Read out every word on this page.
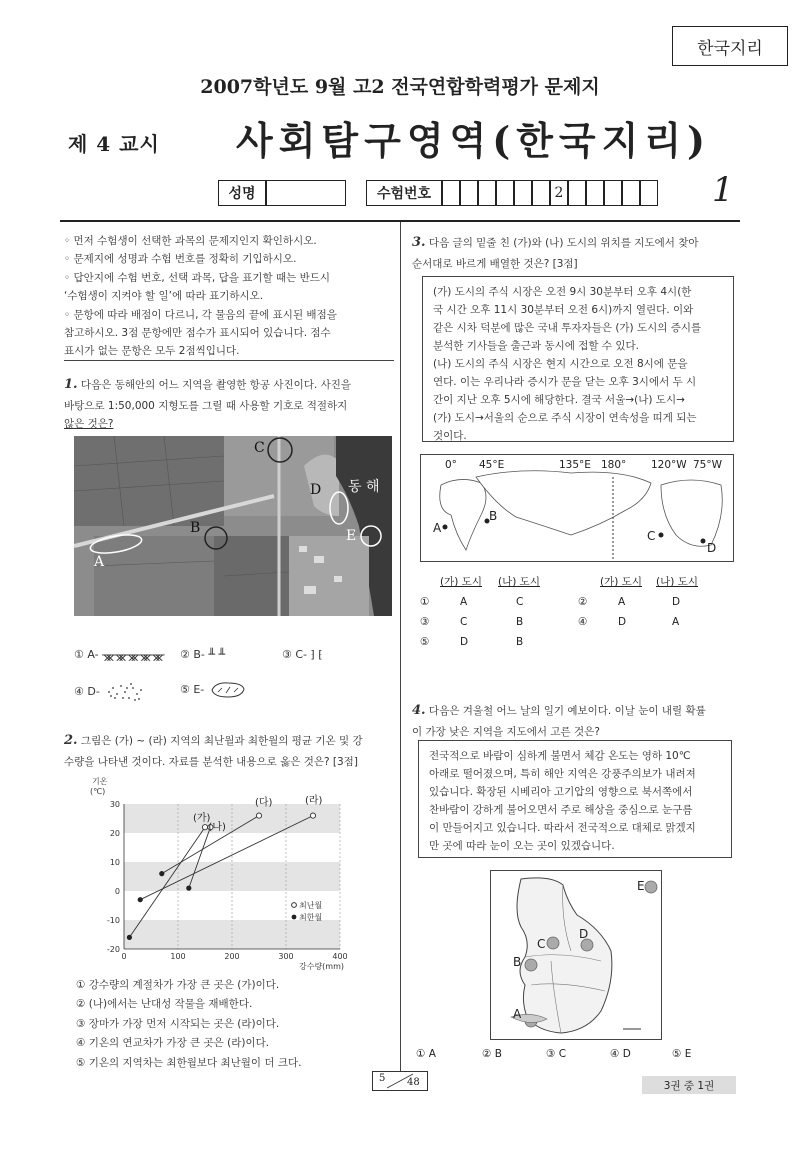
한국지리
2007학년도 9월 고2 전국연합학력평가 문제지
제 4 교시 사회탐구영역(한국지리)
성명	수험번호	2	1

◦ 먼저 수험생이 선택한 과목의 문제지인지 확인하시오.

◦ 문제지에 성명과 수험 번호를 정확히 기입하시오.

◦ 답안지에 수험 번호, 선택 과목, 답을 표기할 때는 반드시

‘수험생이 지켜야 할 일’에 따라 표기하시오.

◦ 문항에 따라 배점이 다르니, 각 물음의 끝에 표시된 배점을

참고하시오. 3점 문항에만 점수가 표시되어 있습니다. 점수

표시가 없는 문항은 모두 2점씩입니다.

1. 다음은 동해안의 어느 지역을 촬영한 항공 사진이다. 사진을

바탕으로 1:50,000 지형도를 그릴 때 사용할 기호로 적절하지

않은 것은?

A
B
C
D
E
동 해
① A- ᚘᚘᚘᚘᚘ ② B- ╨ ╨	③ C- ⁆ ⁅
④ D-	⑤ E-

2. 그림은 (가) ~ (라) 지역의 최난월과 최한월의 평균 기온 및 강

수량을 나타낸 것이다. 자료를 분석한 내용으로 옳은 것은? [3점]

30
20
10
0
-10
-20
0	100	200	300	400
기온
(℃)
강수량(mm)
(가)
(나)
(다)	(라)
최난월
최한월

① 강수량의 계절차가 가장 큰 곳은 (가)이다.

② (나)에서는 난대성 작물을 재배한다.

③ 장마가 가장 먼저 시작되는 곳은 (라)이다.

④ 기온의 연교차가 가장 큰 곳은 (라)이다.

⑤ 기온의 지역차는 최한월보다 최난월이 더 크다.

3. 다음 글의 밑줄 친 (가)와 (나) 도시의 위치를 지도에서 찾아

순서대로 바르게 배열한 것은? [3점]

(가) 도시의 주식 시장은 오전 9시 30분부터 오후 4시(한

국 시간 오후 11시 30분부터 오전 6시)까지 열린다. 이와

같은 시차 덕분에 많은 국내 투자자들은 (가) 도시의 증시를

분석한 기사들을 출근과 동시에 접할 수 있다.

(나) 도시의 주식 시장은 현지 시간으로 오전 8시에 문을

연다. 이는 우리나라 증시가 문을 닫는 오후 3시에서 두 시

간이 지난 오후 5시에 해당한다. 결국 서울→(나) 도시→

(가) 도시→서울의 순으로 주식 시장이 연속성을 띠게 되는

것이다.

0° 45°E	135°E 180° 120°W 75°W
A
B
C
D
(가) 도시 (나) 도시	(가) 도시 (나) 도시
①	A	C	②	A	D
③	C	B	④	D	A
⑤	D	B

4. 다음은 겨울철 어느 날의 일기 예보이다. 이날 눈이 내릴 확률

이 가장 낮은 지역을 지도에서 고른 것은?

전국적으로 바람이 심하게 불면서 체감 온도는 영하 10℃

아래로 떨어졌으며, 특히 해안 지역은 강풍주의보가 내려져

있습니다. 확장된 시베리아 고기압의 영향으로 북서쪽에서

찬바람이 강하게 불어오면서 주로 해상을 중심으로 눈구름

이 만들어지고 있습니다. 따라서 전국적으로 대체로 맑겠지

만 곳에 따라 눈이 오는 곳이 있겠습니다.

E
C
D
B
A
① A	② B	③ C	④ D	⑤ E
5 48	3권 중 1권
